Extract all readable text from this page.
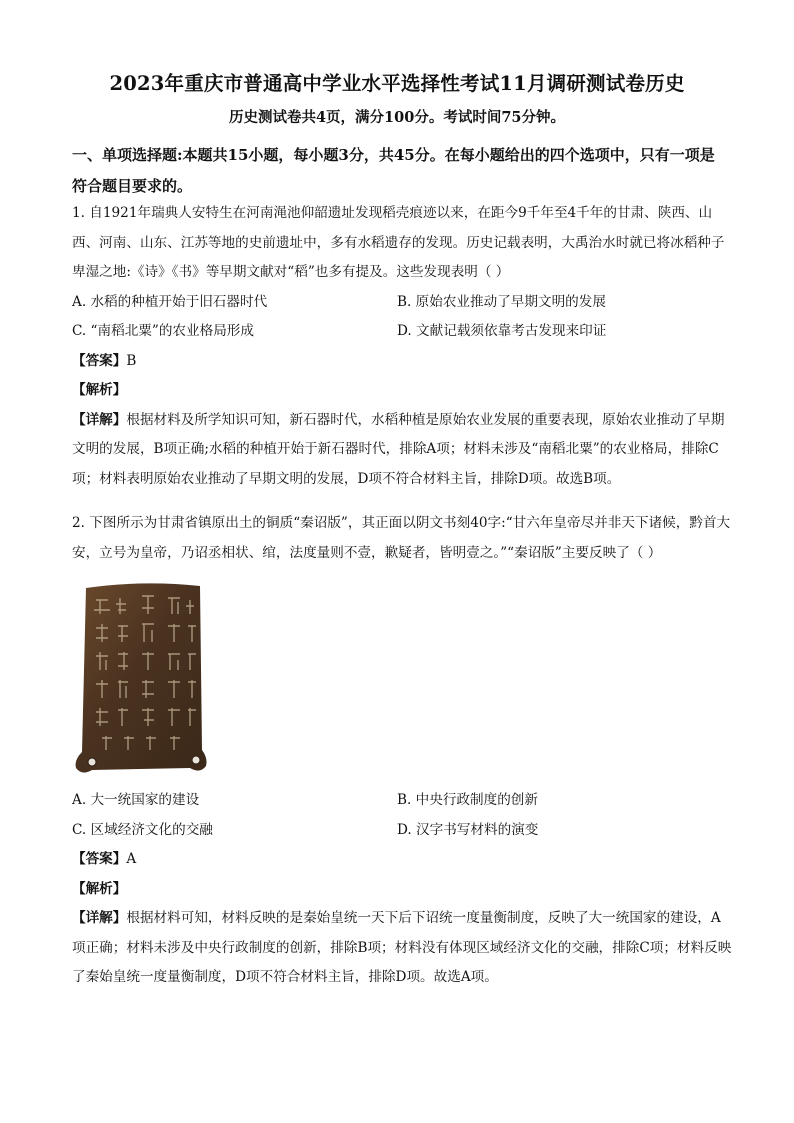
2023年重庆市普通高中学业水平选择性考试11月调研测试卷历史
历史测试卷共4页，满分100分。考试时间75分钟。
一、单项选择题:本题共15小题，每小题3分，共45分。在每小题给出的四个选项中，只有一项是符合题目要求的。

1. 自1921年瑞典人安特生在河南渑池仰韶遗址发现稻壳痕迹以来，在距今9千年至4千年的甘肃、陕西、山西、河南、山东、江苏等地的史前遗址中，多有水稻遗存的发现。历史记载表明，大禹治水时就已将冰稻种子卑湿之地:《诗》《书》等早期文献对“稻”也多有提及。这些发现表明（ ）

A. 水稻的种植开始于旧石器时代	B. 原始农业推动了早期文明的发展
C. “南稻北粟”的农业格局形成	D. 文献记载须依靠考古发现来印证
【答案】B
【解析】

【详解】根据材料及所学知识可知，新石器时代，水稻种植是原始农业发展的重要表现，原始农业推动了早期文明的发展，B项正确;水稻的种植开始于新石器时代，排除A项；材料未涉及“南稻北粟”的农业格局，排除C项；材料表明原始农业推动了早期文明的发展，D项不符合材料主旨，排除D项。故选B项。

2. 下图所示为甘肃省镇原出土的铜质“秦诏版”，其正面以阴文书刻40字:“甘六年皇帝尽并非天下诸候，黔首大安，立号为皇帝，乃诏丞相状、绾，法度量则不壹，歉疑者，皆明壹之。”“秦诏版”主要反映了（ ）

A. 大一统国家的建设	B. 中央行政制度的创新
C. 区域经济文化的交融	D. 汉字书写材料的演变
【答案】A
【解析】

【详解】根据材料可知，材料反映的是秦始皇统一天下后下诏统一度量衡制度，反映了大一统国家的建设，A项正确；材料未涉及中央行政制度的创新，排除B项；材料没有体现区域经济文化的交融，排除C项；材料反映了秦始皇统一度量衡制度，D项不符合材料主旨，排除D项。故选A项。
